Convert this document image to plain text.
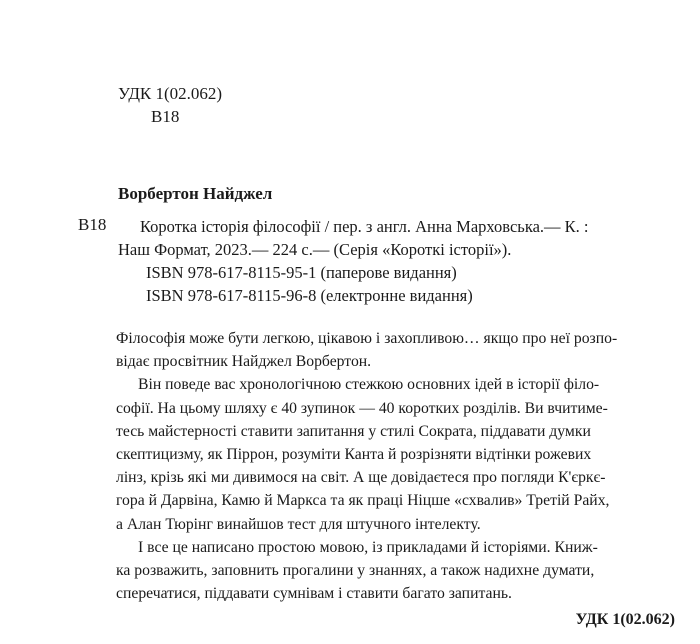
УДК 1(02.062)
В18
Ворбертон Найджел
В18	Коротка історія філософії / пер. з англ. Анна Марховська.— К. :
Наш Формат, 2023.— 224 с.— (Серія «Короткі історії»).
ISBN 978-617-8115-95-1 (паперове видання)
ISBN 978-617-8115-96-8 (електронне видання)
Філософія може бути легкою, цікавою і захопливою… якщо про неї розпо-
відає просвітник Найджел Ворбертон.
Він поведе вас хронологічною стежкою основних ідей в історії філо-
софії. На цьому шляху є 40 зупинок — 40 коротких розділів. Ви вчитиме-
тесь майстерності ставити запитання у стилі Сократа, піддавати думки
скептицизму, як Піррон, розуміти Канта й розрізняти відтінки рожевих
лінз, крізь які ми дивимося на світ. А ще довідаєтеся про погляди К'єркє-
гора й Дарвіна, Камю й Маркса та як праці Ніцше «схвалив» Третій Райх,
а Алан Тюрінг винайшов тест для штучного інтелекту.
І все це написано простою мовою, із прикладами й історіями. Книж-
ка розважить, заповнить прогалини у знаннях, а також надихне думати,
сперечатися, піддавати сумнівам і ставити багато запитань.
УДК 1(02.062)
